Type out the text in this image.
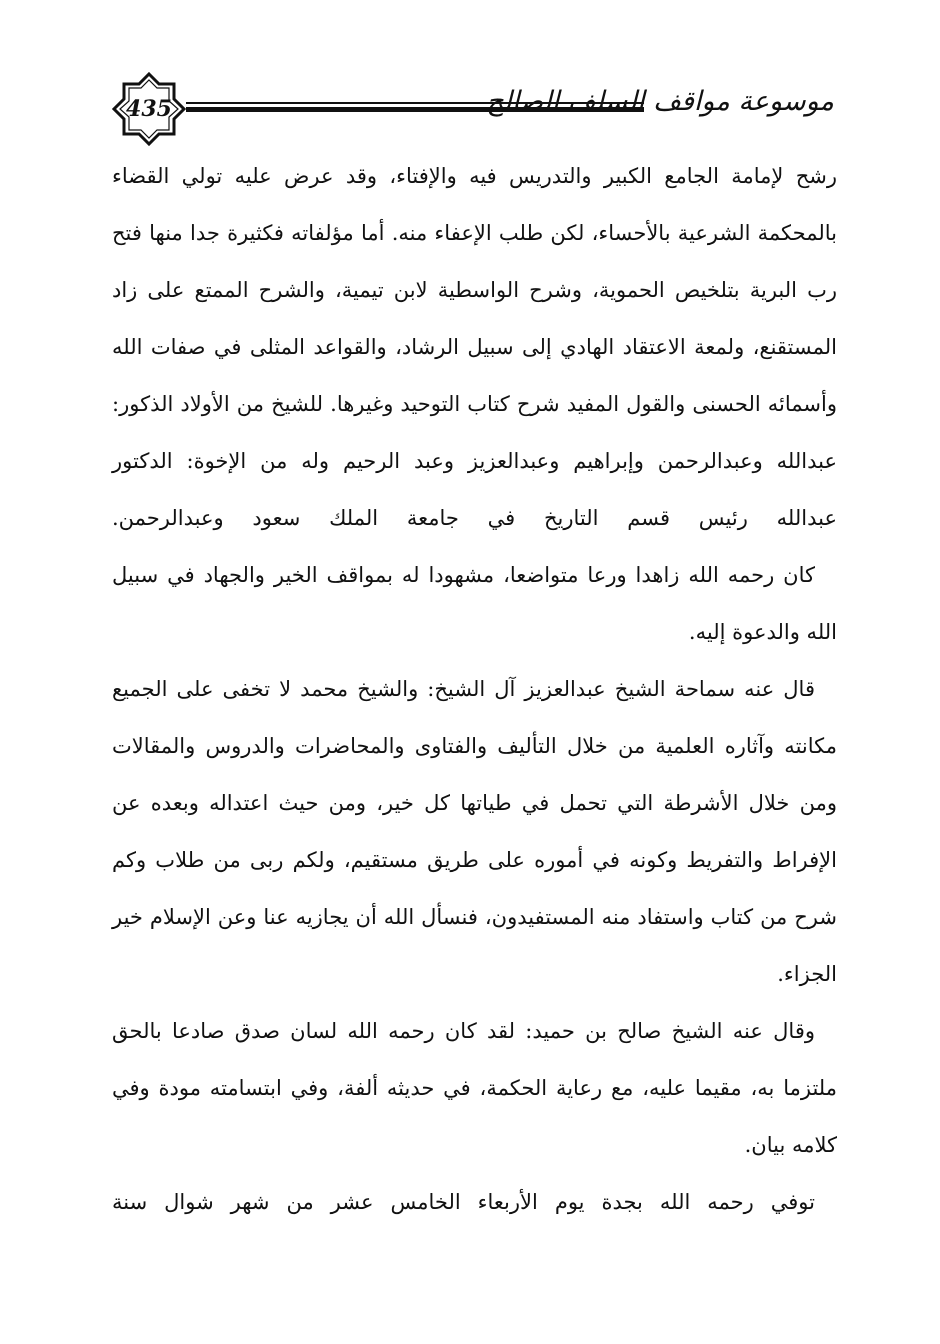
435	موسوعة مواقف السلف الصالح

رشح لإمامة الجامع الكبير والتدريس فيه والإفتاء، وقد عرض عليه تولي القضاء بالمحكمة الشرعية بالأحساء، لكن طلب الإعفاء منه. أما مؤلفاته فكثيرة جدا منها فتح رب البرية بتلخيص الحموية، وشرح الواسطية لابن تيمية، والشرح الممتع على زاد المستقنع، ولمعة الاعتقاد الهادي إلى سبيل الرشاد، والقواعد المثلى في صفات الله وأسمائه الحسنى والقول المفيد شرح كتاب التوحيد وغيرها. للشيخ من الأولاد الذكور: عبدالله وعبدالرحمن وإبراهيم وعبدالعزيز وعبد الرحيم وله من الإخوة: الدكتور عبدالله رئيس قسم التاريخ في جامعة الملك سعود وعبدالرحمن.

كان رحمه الله زاهدا ورعا متواضعا، مشهودا له بمواقف الخير والجهاد في سبيل الله والدعوة إليه.

قال عنه سماحة الشيخ عبدالعزيز آل الشيخ: والشيخ محمد لا تخفى على الجميع مكانته وآثاره العلمية من خلال التأليف والفتاوى والمحاضرات والدروس والمقالات ومن خلال الأشرطة التي تحمل في طياتها كل خير، ومن حيث اعتداله وبعده عن الإفراط والتفريط وكونه في أموره على طريق مستقيم، ولكم ربى من طلاب وكم شرح من كتاب واستفاد منه المستفيدون، فنسأل الله أن يجازيه عنا وعن الإسلام خير الجزاء.

وقال عنه الشيخ صالح بن حميد: لقد كان رحمه الله لسان صدق صادعا بالحق ملتزما به، مقيما عليه، مع رعاية الحكمة، في حديثه ألفة، وفي ابتسامته مودة وفي كلامه بيان.

توفي رحمه الله بجدة يوم الأربعاء الخامس عشر من شهر شوال سنة
